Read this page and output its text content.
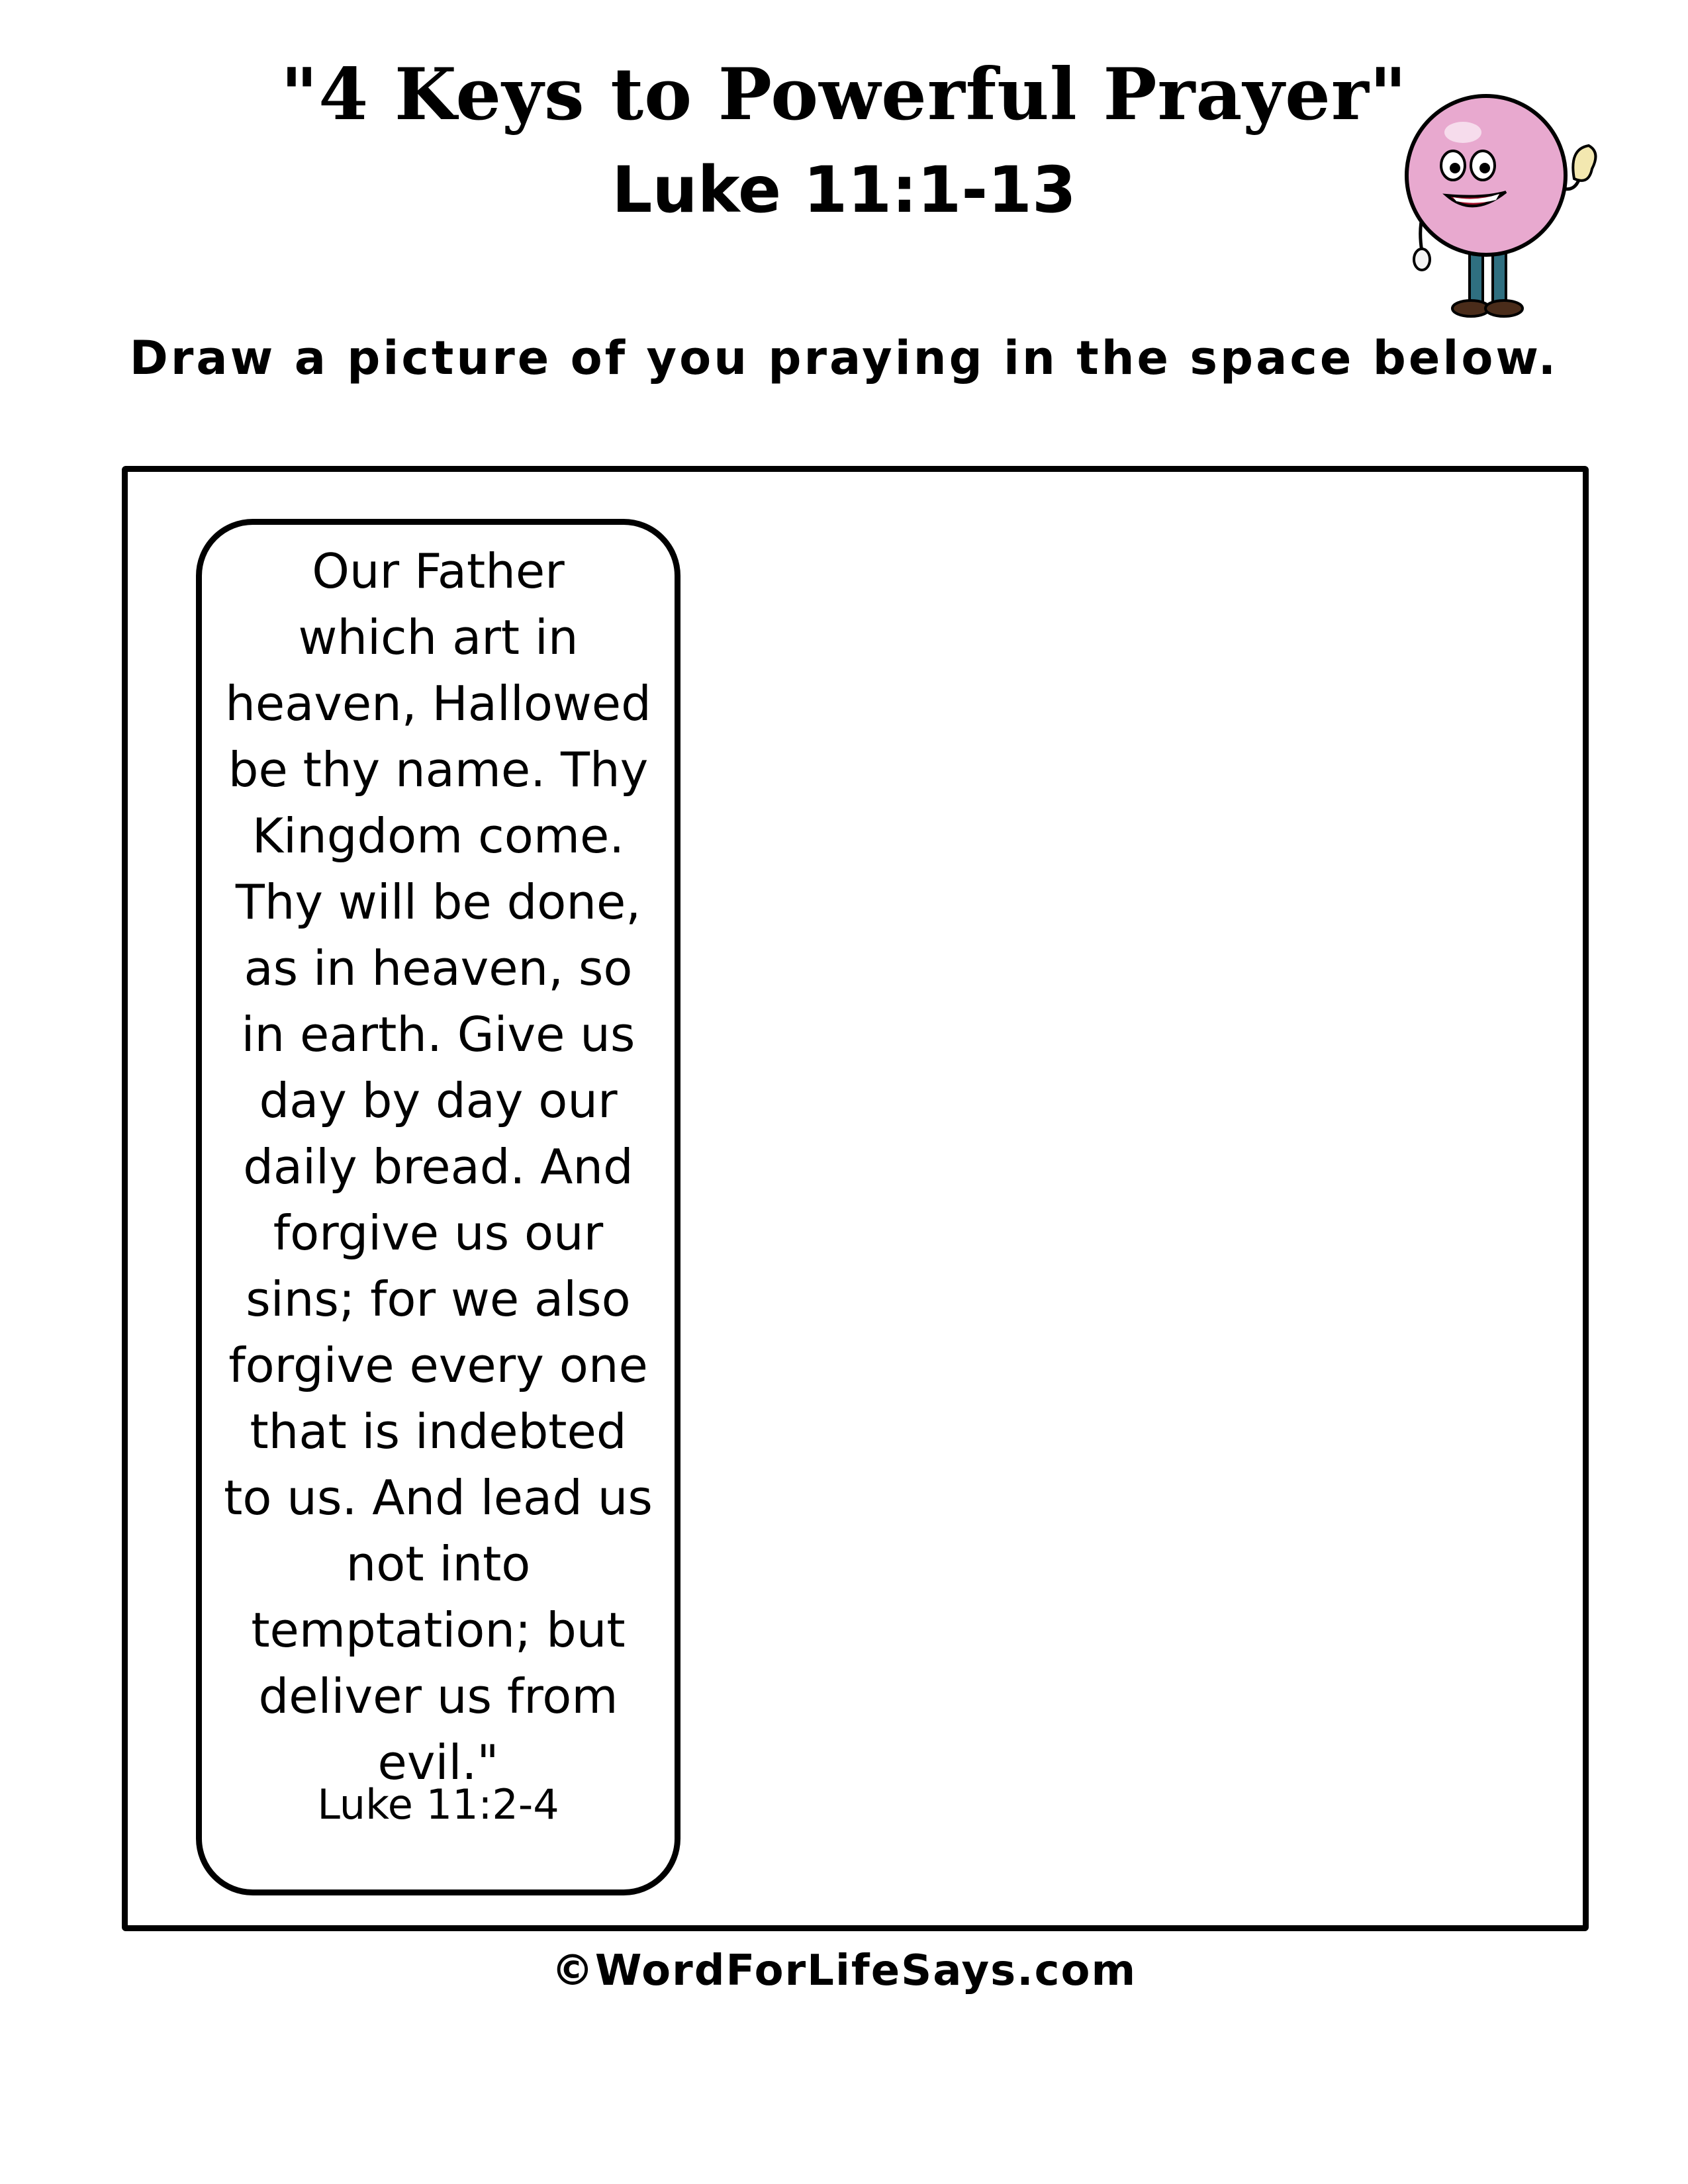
"4 Keys to Powerful Prayer"
Luke 11:1-13
Draw a picture of you praying in the space below.
Our Father
which art in
heaven, Hallowed
be thy name. Thy
Kingdom come.
Thy will be done,
as in heaven, so
in earth. Give us
day by day our
daily bread. And
forgive us our
sins; for we also
forgive every one
that is indebted
to us. And lead us
not into
temptation; but
deliver us from
evil."
Luke 11:2-4
©WordForLifeSays.com
